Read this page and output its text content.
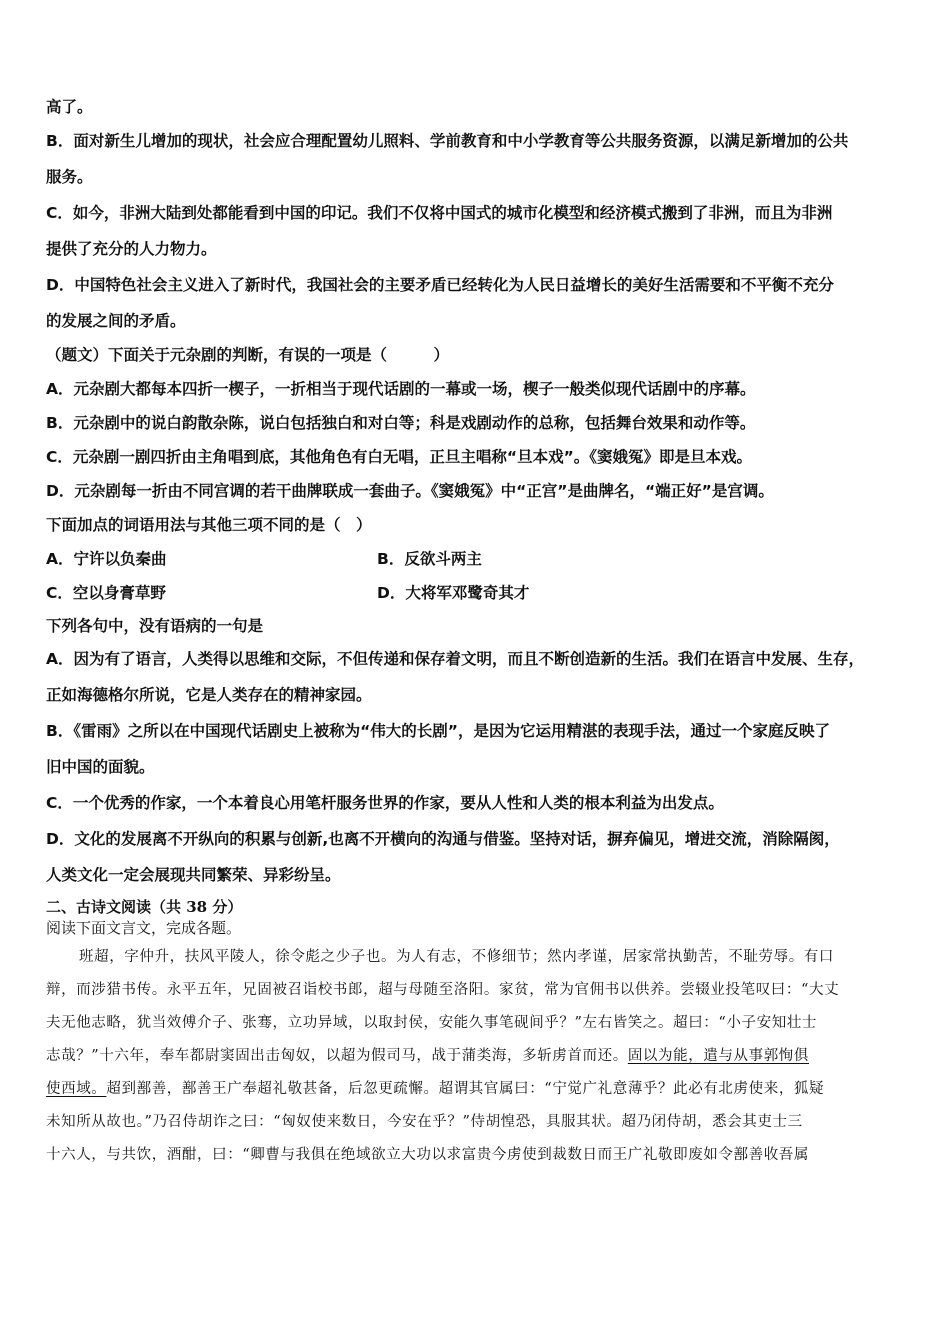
高了。
B．面对新生儿增加的现状，社会应合理配置幼儿照料、学前教育和中小学教育等公共服务资源，以满足新增加的公共
服务。
C．如今，非洲大陆到处都能看到中国的印记。我们不仅将中国式的城市化模型和经济模式搬到了非洲，而且为非洲
提供了充分的人力物力。
D．中国特色社会主义进入了新时代，我国社会的主要矛盾已经转化为人民日益增长的美好生活需要和不平衡不充分
的发展之间的矛盾。
（题文）下面关于元杂剧的判断，有误的一项是（　　　）
A．元杂剧大都每本四折一楔子，一折相当于现代话剧的一幕或一场，楔子一般类似现代话剧中的序幕。
B．元杂剧中的说白韵散杂陈，说白包括独白和对白等；科是戏剧动作的总称，包括舞台效果和动作等。
C．元杂剧一剧四折由主角唱到底，其他角色有白无唱，正旦主唱称“旦本戏”。《窦娥冤》即是旦本戏。
D．元杂剧每一折由不同宫调的若干曲牌联成一套曲子。《窦娥冤》中“正宫”是曲牌名，“端正好”是宫调。
下面加点的词语用法与其他三项不同的是（　）
A．宁许以负秦曲	B．反欲斗两主
C．空以身膏草野	D．大将军邓鹭奇其才
下列各句中，没有语病的一句是
A．因为有了语言，人类得以思维和交际，不但传递和保存着文明，而且不断创造新的生活。我们在语言中发展、生存，
正如海德格尔所说，它是人类存在的精神家园。
B．《雷雨》之所以在中国现代话剧史上被称为“伟大的长剧”，是因为它运用精湛的表现手法，通过一个家庭反映了
旧中国的面貌。
C．一个优秀的作家，一个本着良心用笔杆服务世界的作家，要从人性和人类的根本利益为出发点。
D．文化的发展离不开纵向的积累与创新,也离不开横向的沟通与借鉴。坚持对话，摒弃偏见，增进交流，消除隔阂，
人类文化一定会展现共同繁荣、异彩纷呈。
二、古诗文阅读（共 38 分）
阅读下面文言文，完成各题。
班超，字仲升，扶风平陵人，徐令彪之少子也。为人有志，不修细节；然内孝谨，居家常执勤苦，不耻劳辱。有口
辩，而涉猎书传。永平五年，兄固被召诣校书郎，超与母随至洛阳。家贫，常为官佣书以供养。尝辍业投笔叹曰：“大丈
夫无他志略，犹当效傅介子、张骞，立功异域，以取封侯，安能久事笔砚间乎？”左右皆笑之。超曰：“小子安知壮士
志哉？”十六年，奉车都尉窦固出击匈奴，以超为假司马，战于蒲类海，多斩虏首而还。固以为能，遣与从事郭恂俱
使西域。超到鄯善，鄯善王广奉超礼敬甚备，后忽更疏懈。超谓其官属曰：“宁觉广礼意薄乎？此必有北虏使来，狐疑
未知所从故也。”乃召侍胡诈之曰：“匈奴使来数日，今安在乎？”侍胡惶恐，具服其状。超乃闭侍胡，悉会其吏士三
十六人，与共饮，酒酣，曰：“卿曹与我俱在绝域欲立大功以求富贵今虏使到裁数日而王广礼敬即废如令鄯善收吾属
